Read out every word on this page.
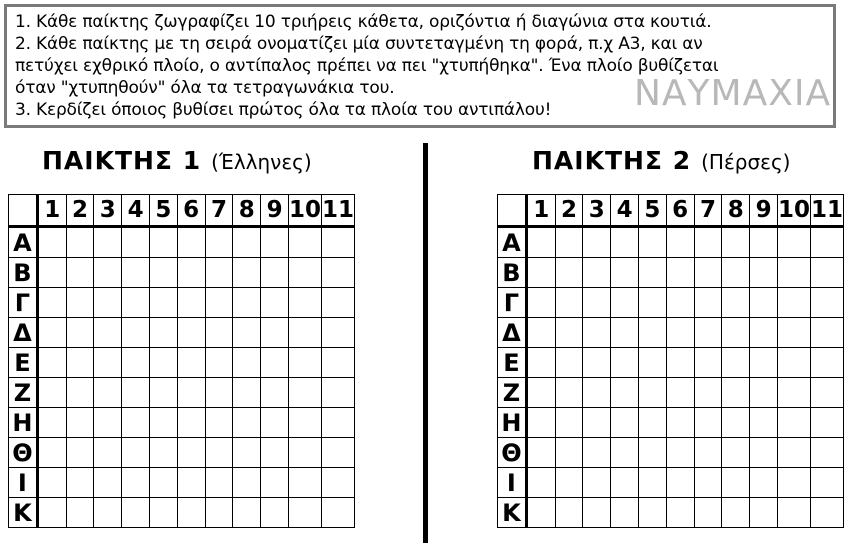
1. Κάθε παίκτης ζωγραφίζει 10 τριήρεις κάθετα, οριζόντια ή διαγώνια στα κουτιά.
2. Κάθε παίκτης με τη σειρά ονοματίζει μία συντεταγμένη τη φορά, π.χ Α3, και αν
πετύχει εχθρικό πλοίο, ο αντίπαλος πρέπει να πει "χτυπήθηκα". Ένα πλοίο βυθίζεται
όταν "χτυπηθούν" όλα τα τετραγωνάκια του.
3. Κερδίζει όποιος βυθίσει πρώτος όλα τα πλοία του αντιπάλου!	ΝΑΥΜΑΧΙΑ
ΠΑΙΚΤΗΣ 1 (Έλληνες)	ΠΑΙΚΤΗΣ 2 (Πέρσες)
	1	2	3	4	5	6	7	8	9	10	11
Α											
Β											
Γ											
Δ											
Ε											
Ζ											
Η											
Θ											
Ι											
Κ											
	1	2	3	4	5	6	7	8	9	10	11
Α											
Β											
Γ											
Δ											
Ε											
Ζ											
Η											
Θ											
Ι											
Κ											
